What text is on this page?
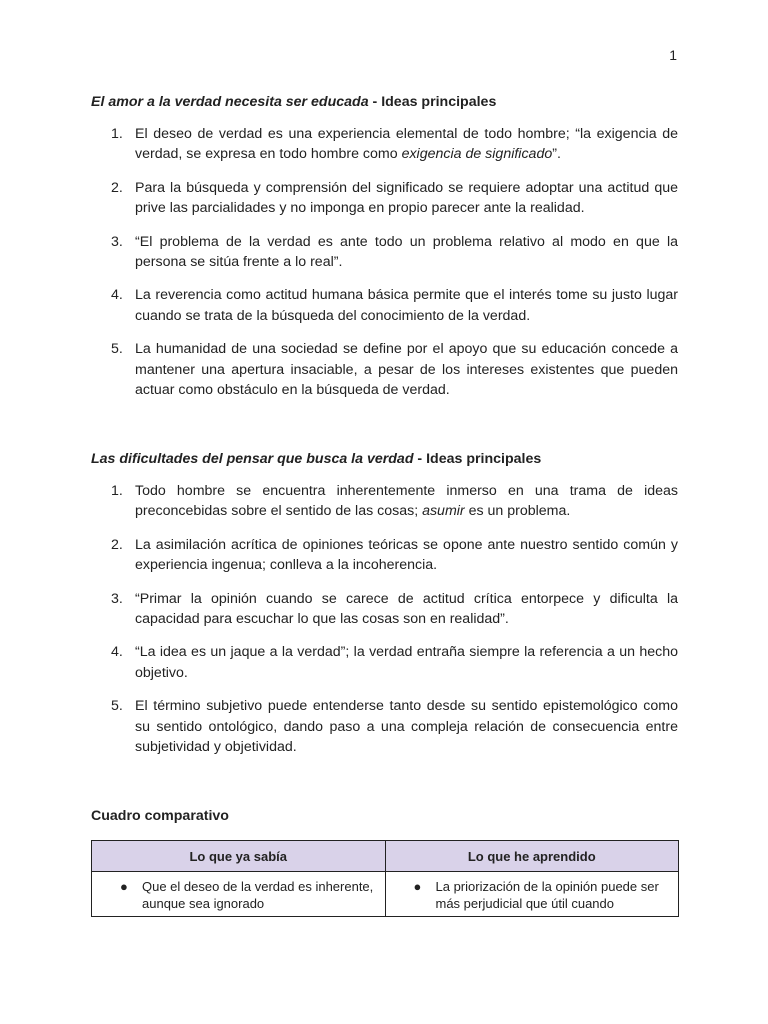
1
El amor a la verdad necesita ser educada - Ideas principales
1. El deseo de verdad es una experiencia elemental de todo hombre; “la exigencia de verdad, se expresa en todo hombre como exigencia de significado”.
2. Para la búsqueda y comprensión del significado se requiere adoptar una actitud que prive las parcialidades y no imponga en propio parecer ante la realidad.
3. “El problema de la verdad es ante todo un problema relativo al modo en que la persona se sitúa frente a lo real”.
4. La reverencia como actitud humana básica permite que el interés tome su justo lugar cuando se trata de la búsqueda del conocimiento de la verdad.
5. La humanidad de una sociedad se define por el apoyo que su educación concede a mantener una apertura insaciable, a pesar de los intereses existentes que pueden actuar como obstáculo en la búsqueda de verdad.
Las dificultades del pensar que busca la verdad - Ideas principales
1. Todo hombre se encuentra inherentemente inmerso en una trama de ideas preconcebidas sobre el sentido de las cosas; asumir es un problema.
2. La asimilación acrítica de opiniones teóricas se opone ante nuestro sentido común y experiencia ingenua; conlleva a la incoherencia.
3. “Primar la opinión cuando se carece de actitud crítica entorpece y dificulta la capacidad para escuchar lo que las cosas son en realidad”.
4. “La idea es un jaque a la verdad”; la verdad entraña siempre la referencia a un hecho objetivo.
5. El término subjetivo puede entenderse tanto desde su sentido epistemológico como su sentido ontológico, dando paso a una compleja relación de consecuencia entre subjetividad y objetividad.
Cuadro comparativo
Lo que ya sabía	Lo que he aprendido

● Que el deseo de la verdad es inherente, aunque sea ignorado	● La priorización de la opinión puede ser más perjudicial que útil cuando
